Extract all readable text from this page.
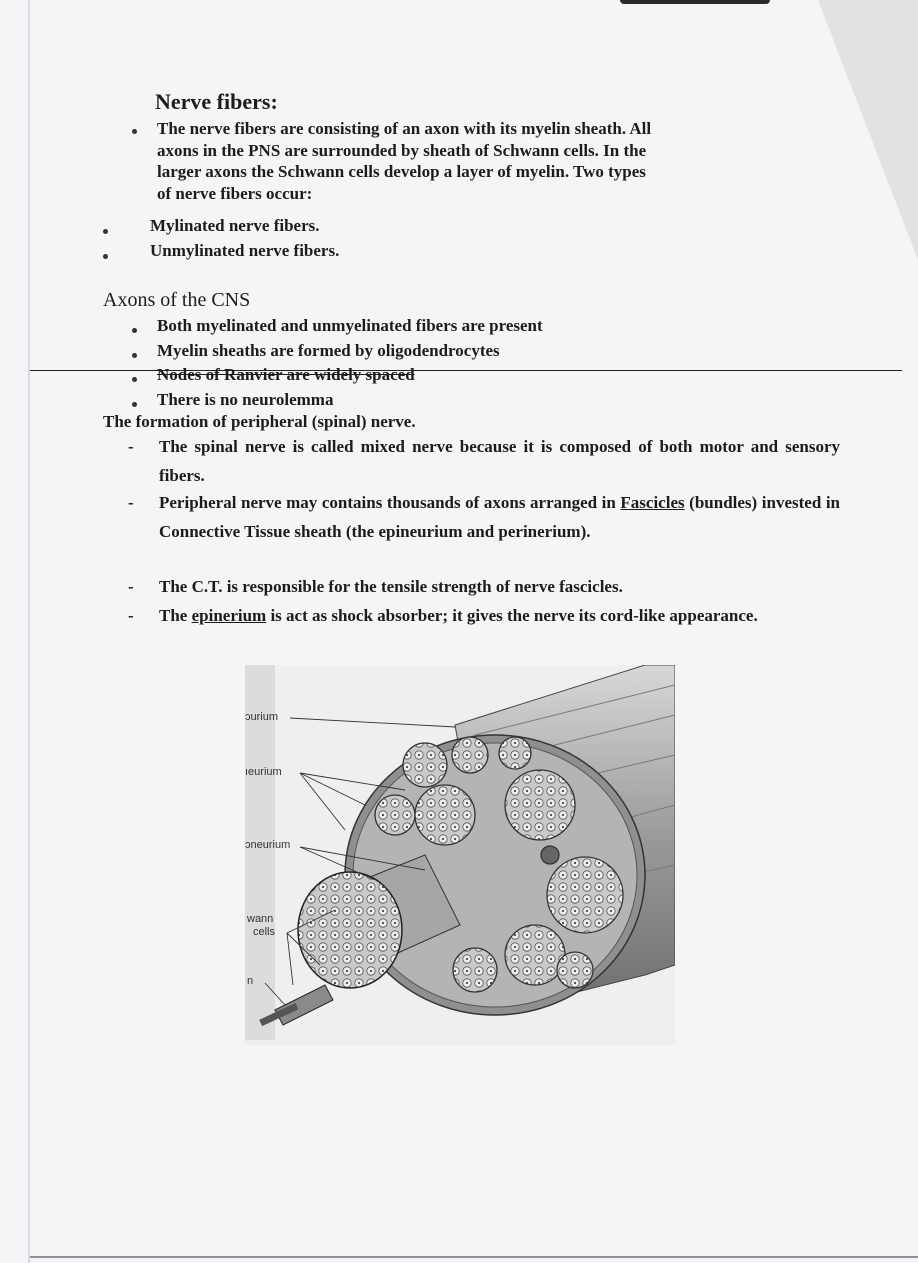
Nerve fibers:
The nerve fibers are consisting of an axon with its myelin sheath. All
axons in the PNS are surrounded by sheath of Schwann cells. In the
larger axons the Schwann cells develop a layer of myelin. Two types
of nerve fibers occur:
Mylinated nerve fibers.
Unmylinated nerve fibers.
Axons of the CNS
Both myelinated and unmyelinated fibers are present
Myelin sheaths are formed by oligodendrocytes
Nodes of Ranvier are widely spaced
There is no neurolemma
The formation of peripheral (spinal) nerve.
- The spinal nerve is called mixed nerve because it is composed of both motor and sensory fibers.
- Peripheral nerve may contains thousands of axons arranged in Fascicles (bundles) invested in Connective Tissue sheath (the epineurium and perinerium).
- The C.T. is responsible for the tensile strength of nerve fascicles.
- The epinerium is act as shock absorber; it gives the nerve its cord-like appearance.
ɔurium
ıeurium
ɔneurium
wann
cells
n
